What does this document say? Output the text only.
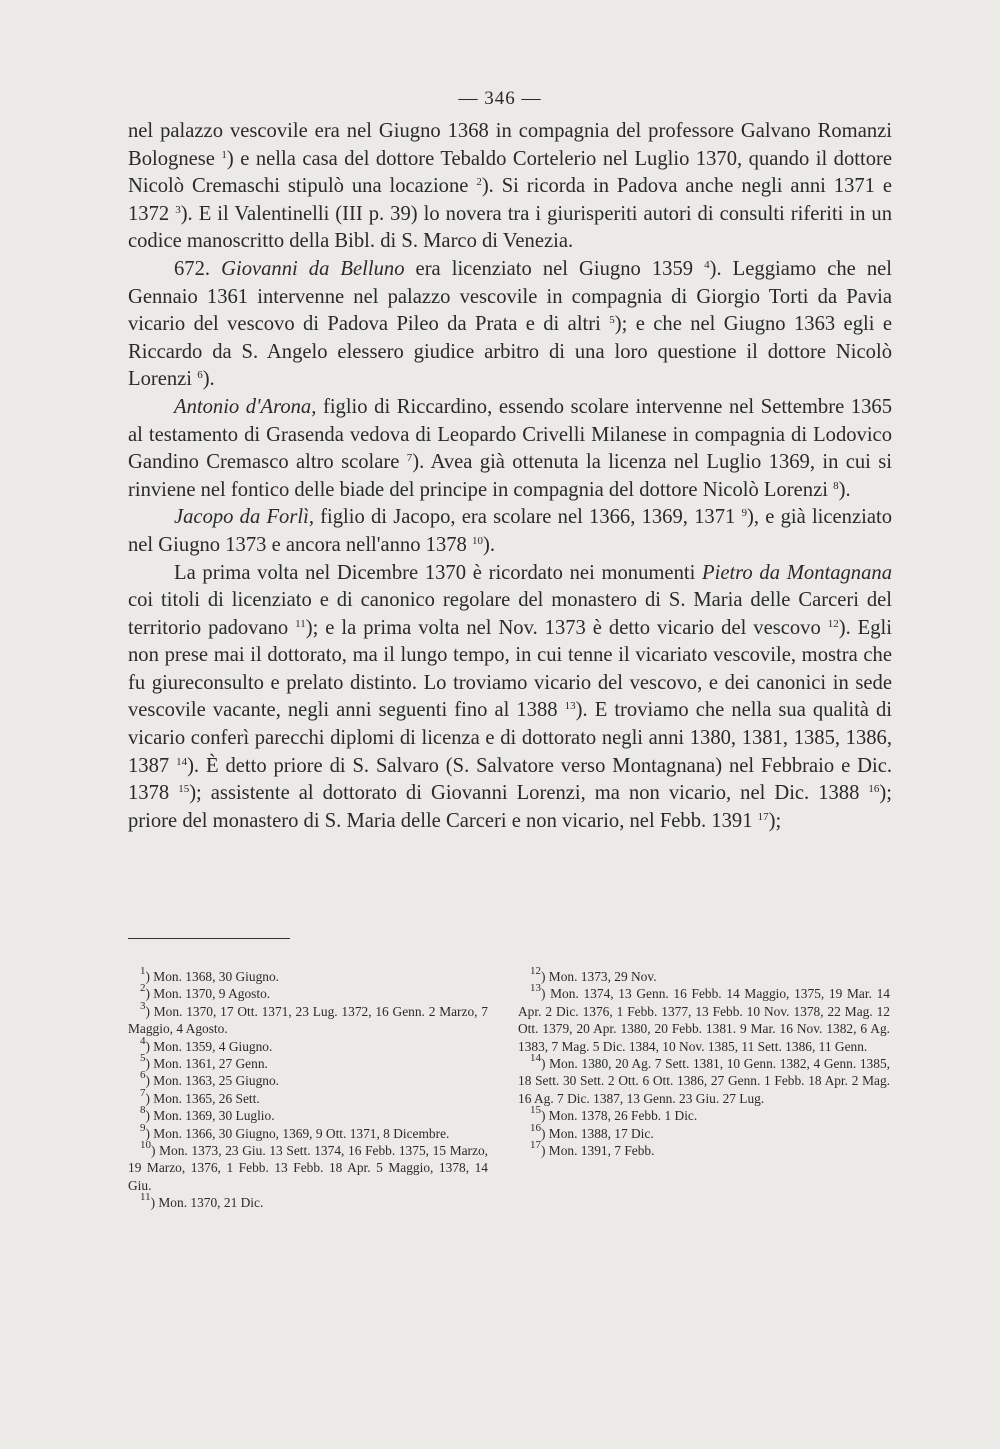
— 346 —

nel palazzo vescovile era nel Giugno 1368 in compagnia del professore Galvano Romanzi Bolognese $^1$) e nella casa del dottore Tebaldo Cortelerio nel Luglio 1370, quando il dottore Nicolò Cremaschi stipulò una locazione $^2$). Si ricorda in Padova anche negli anni 1371 e 1372 $^3$). E il Valentinelli (III p. 39) lo novera tra i giurisperiti autori di consulti riferiti in un codice manoscritto della Bibl. di S. Marco di Venezia.

672. Giovanni da Belluno era licenziato nel Giugno 1359 $^4$). Leggiamo che nel Gennaio 1361 intervenne nel palazzo vescovile in compagnia di Giorgio Torti da Pavia vicario del vescovo di Padova Pileo da Prata e di altri $^5$); e che nel Giugno 1363 egli e Riccardo da S. Angelo elessero giudice arbitro di una loro questione il dottore Nicolò Lorenzi $^6$).

Antonio d'Arona, figlio di Riccardino, essendo scolare intervenne nel Settembre 1365 al testamento di Grasenda vedova di Leopardo Crivelli Milanese in compagnia di Lodovico Gandino Cremasco altro scolare $^7$). Avea già ottenuta la licenza nel Luglio 1369, in cui si rinviene nel fontico delle biade del principe in compagnia del dottore Nicolò Lorenzi $^8$).

Jacopo da Forlì, figlio di Jacopo, era scolare nel 1366, 1369, 1371 $^9$), e già licenziato nel Giugno 1373 e ancora nell'anno 1378 $^{10}$).

La prima volta nel Dicembre 1370 è ricordato nei monumenti Pietro da Montagnana coi titoli di licenziato e di canonico regolare del monastero di S. Maria delle Carceri del territorio padovano $^{11}$); e la prima volta nel Nov. 1373 è detto vicario del vescovo $^{12}$). Egli non prese mai il dottorato, ma il lungo tempo, in cui tenne il vicariato vescovile, mostra che fu giureconsulto e prelato distinto. Lo troviamo vicario del vescovo, e dei canonici in sede vescovile vacante, negli anni seguenti fino al 1388 $^{13}$). E troviamo che nella sua qualità di vicario conferì parecchi diplomi di licenza e di dottorato negli anni 1380, 1381, 1385, 1386, 1387 $^{14}$). È detto priore di S. Salvaro (S. Salvatore verso Montagnana) nel Febbraio e Dic. 1378 $^{15}$); assistente al dottorato di Giovanni Lorenzi, ma non vicario, nel Dic. 1388 $^{16}$); priore del monastero di S. Maria delle Carceri e non vicario, nel Febb. 1391 $^{17}$);

$^1$) Mon. 1368, 30 Giugno.

$^2$) Mon. 1370, 9 Agosto.

$^3$) Mon. 1370, 17 Ott. 1371, 23 Lug. 1372, 16 Genn. 2 Marzo, 7 Maggio, 4 Agosto.

$^4$) Mon. 1359, 4 Giugno.

$^5$) Mon. 1361, 27 Genn.

$^6$) Mon. 1363, 25 Giugno.

$^7$) Mon. 1365, 26 Sett.

$^8$) Mon. 1369, 30 Luglio.

$^9$) Mon. 1366, 30 Giugno, 1369, 9 Ott. 1371, 8 Dicembre.

$^{10}$) Mon. 1373, 23 Giu. 13 Sett. 1374, 16 Febb. 1375, 15 Marzo, 19 Marzo, 1376, 1 Febb. 13 Febb. 18 Apr. 5 Maggio, 1378, 14 Giu.

$^{11}$) Mon. 1370, 21 Dic.

$^{12}$) Mon. 1373, 29 Nov.

$^{13}$) Mon. 1374, 13 Genn. 16 Febb. 14 Maggio, 1375, 19 Mar. 14 Apr. 2 Dic. 1376, 1 Febb. 1377, 13 Febb. 10 Nov. 1378, 22 Mag. 12 Ott. 1379, 20 Apr. 1380, 20 Febb. 1381. 9 Mar. 16 Nov. 1382, 6 Ag. 1383, 7 Mag. 5 Dic. 1384, 10 Nov. 1385, 11 Sett. 1386, 11 Genn.

$^{14}$) Mon. 1380, 20 Ag. 7 Sett. 1381, 10 Genn. 1382, 4 Genn. 1385, 18 Sett. 30 Sett. 2 Ott. 6 Ott. 1386, 27 Genn. 1 Febb. 18 Apr. 2 Mag. 16 Ag. 7 Dic. 1387, 13 Genn. 23 Giu. 27 Lug.

$^{15}$) Mon. 1378, 26 Febb. 1 Dic.

$^{16}$) Mon. 1388, 17 Dic.

$^{17}$) Mon. 1391, 7 Febb.
